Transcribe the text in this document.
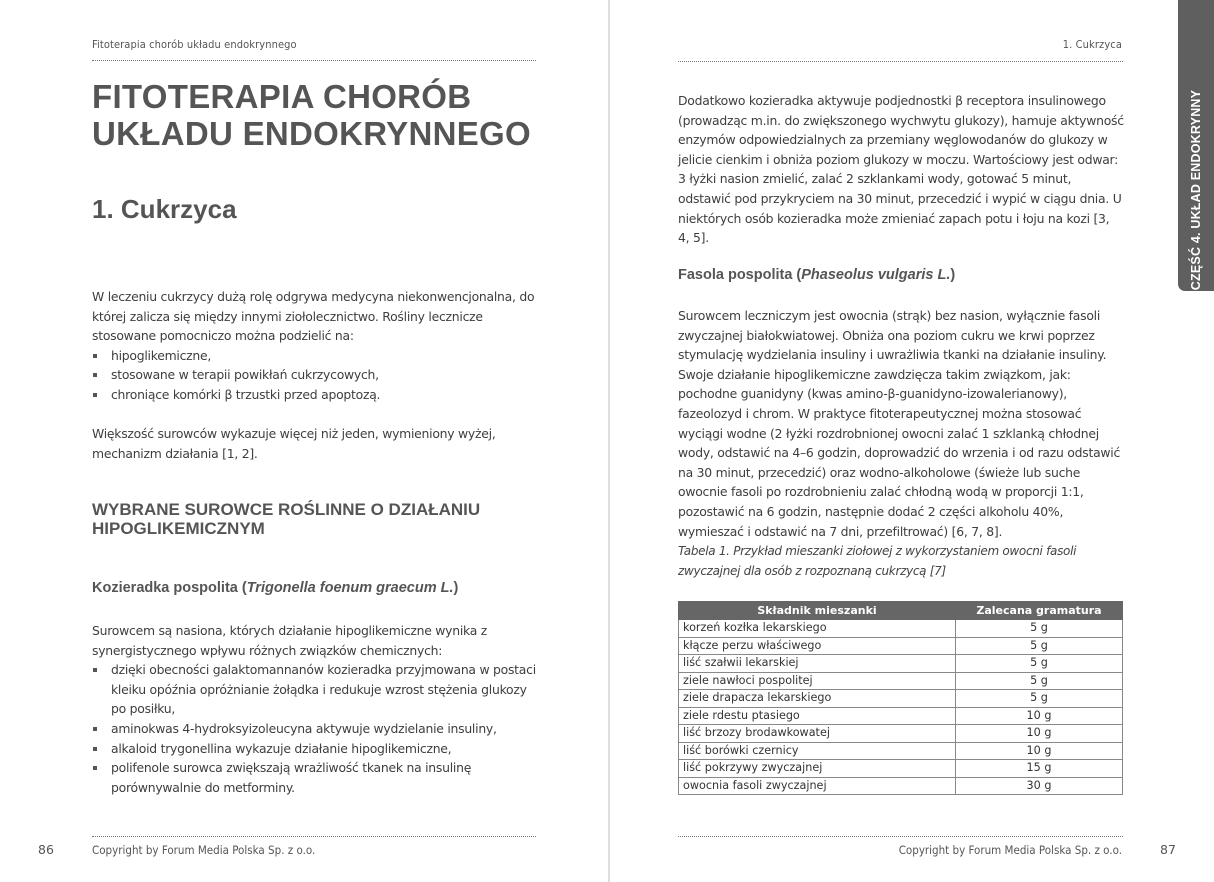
Fitoterapia chorób układu endokrynnego
FITOTERAPIA CHORÓB
UKŁADU ENDOKRYNNEGO
1. Cukrzyca

W leczeniu cukrzycy dużą rolę odgrywa medycyna niekonwencjonalna, do której zalicza się między innymi ziołolecznictwo. Rośliny lecznicze stosowane pomocniczo można podzielić na:

hipoglikemiczne,
stosowane w terapii powikłań cukrzycowych,
chroniące komórki β trzustki przed apoptozą.

Większość surowców wykazuje więcej niż jeden, wymieniony wyżej, mechanizm działania [1, 2].

WYBRANE SUROWCE ROŚLINNE O DZIAŁANIU
HIPOGLIKEMICZNYM
Kozieradka pospolita (Trigonella foenum graecum L.)

Surowcem są nasiona, których działanie hipoglikemiczne wynika z synergistycznego wpływu różnych związków chemicznych:

dzięki obecności galaktomannanów kozieradka przyjmowana w postaci kleiku opóźnia opróżnianie żołądka i redukuje wzrost stężenia glukozy po posiłku,
aminokwas 4-hydroksyizoleucyna aktywuje wydzielanie insuliny,
alkaloid trygonellina wykazuje działanie hipoglikemiczne,
polifenole surowca zwiększają wrażliwość tkanek na insulinę porównywalnie do metforminy.
86	Copyright by Forum Media Polska Sp. z o.o.
1. Cukrzyca

Dodatkowo kozieradka aktywuje podjednostki β receptora insulinowego (prowadząc m.in. do zwiększonego wychwytu glukozy), hamuje aktywność enzymów odpowiedzialnych za przemiany węglowodanów do glukozy w jelicie cienkim i obniża poziom glukozy w moczu. Wartościowy jest odwar: 3 łyżki nasion zmielić, zalać 2 szklankami wody, gotować 5 minut, odstawić pod przykryciem na 30 minut, przecedzić i wypić w ciągu dnia. U niektórych osób kozieradka może zmieniać zapach potu i łoju na kozi [3, 4, 5].

Fasola pospolita (Phaseolus vulgaris L.)

Surowcem leczniczym jest owocnia (strąk) bez nasion, wyłącznie fasoli zwyczajnej białokwiatowej. Obniża ona poziom cukru we krwi poprzez stymulację wydzielania insuliny i uwrażliwia tkanki na działanie insuliny. Swoje działanie hipoglikemiczne zawdzięcza takim związkom, jak: pochodne guanidyny (kwas amino-β-guanidyno-izowalerianowy), fazeolozyd i chrom. W praktyce fitoterapeutycznej można stosować wyciągi wodne (2 łyżki rozdrobnionej owocni zalać 1 szklanką chłodnej wody, odstawić na 4–6 godzin, doprowadzić do wrzenia i od razu odstawić na 30 minut, przecedzić) oraz wodno-alkoholowe (świeże lub suche owocnie fasoli po rozdrobnieniu zalać chłodną wodą w proporcji 1:1, pozostawić na 6 godzin, następnie dodać 2 części alkoholu 40%, wymieszać i odstawić na 7 dni, przefiltrować) [6, 7, 8].

Tabela 1. Przykład mieszanki ziołowej z wykorzystaniem owocni fasoli zwyczajnej dla osób z rozpoznaną cukrzycą [7]
Składnik mieszanki	Zalecana gramatura
korzeń kozłka lekarskiego	5 g
kłącze perzu właściwego	5 g
liść szałwii lekarskiej	5 g
ziele nawłoci pospolitej	5 g
ziele drapacza lekarskiego	5 g
ziele rdestu ptasiego	10 g
liść brzozy brodawkowatej	10 g
liść borówki czernicy	10 g
liść pokrzywy zwyczajnej	15 g
owocnia fasoli zwyczajnej	30 g
Copyright by Forum Media Polska Sp. z o.o.	87
CZĘŚĆ 4. UKŁAD ENDOKRYNNY
